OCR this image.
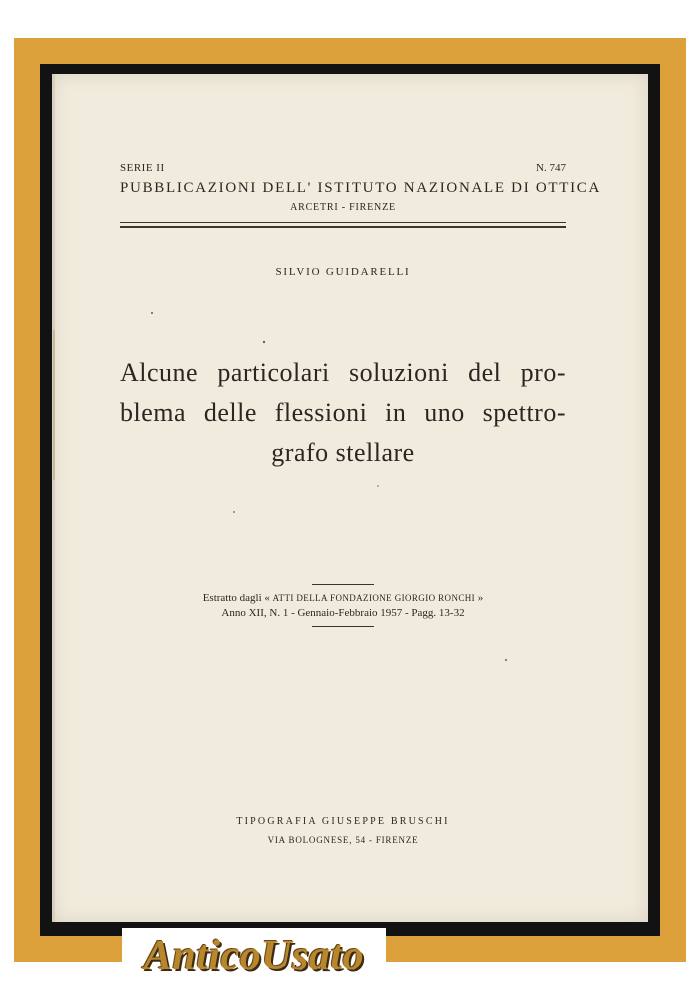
SERIE II	N. 747
PUBBLICAZIONI DELL' ISTITUTO NAZIONALE DI OTTICA
ARCETRI - FIRENZE
SILVIO GUIDARELLI
Alcune particolari soluzioni del pro-
blema delle flessioni in uno spettro-
grafo stellare
Estratto dagli « ATTI DELLA FONDAZIONE GIORGIO RONCHI »
Anno XII, N. 1 - Gennaio-Febbraio 1957 - Pagg. 13-32
TIPOGRAFIA GIUSEPPE BRUSCHI
VIA BOLOGNESE, 54 - FIRENZE
AnticoUsato
